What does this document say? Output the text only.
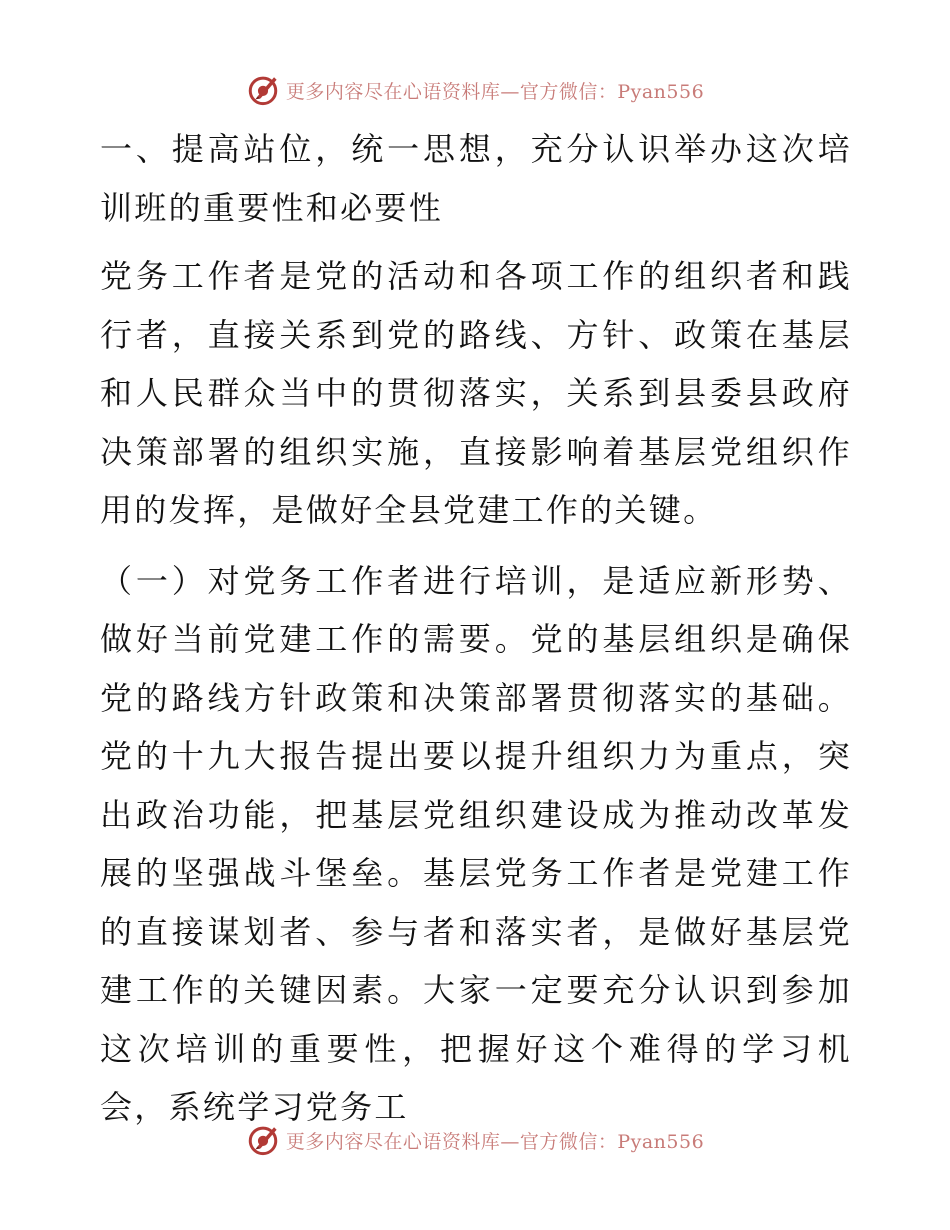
更多内容尽在心语资料库—官方微信：Pyan556

一、提高站位，统一思想，充分认识举办这次培训班的重要性和必要性

党务工作者是党的活动和各项工作的组织者和践行者，直接关系到党的路线、方针、政策在基层和人民群众当中的贯彻落实，关系到县委县政府决策部署的组织实施，直接影响着基层党组织作用的发挥，是做好全县党建工作的关键。

（一）对党务工作者进行培训，是适应新形势、做好当前党建工作的需要。党的基层组织是确保党的路线方针政策和决策部署贯彻落实的基础。党的十九大报告提出要以提升组织力为重点，突出政治功能，把基层党组织建设成为推动改革发展的坚强战斗堡垒。基层党务工作者是党建工作的直接谋划者、参与者和落实者，是做好基层党建工作的关键因素。大家一定要充分认识到参加这次培训的重要性，把握好这个难得的学习机会，系统学习党务工

更多内容尽在心语资料库—官方微信：Pyan556
